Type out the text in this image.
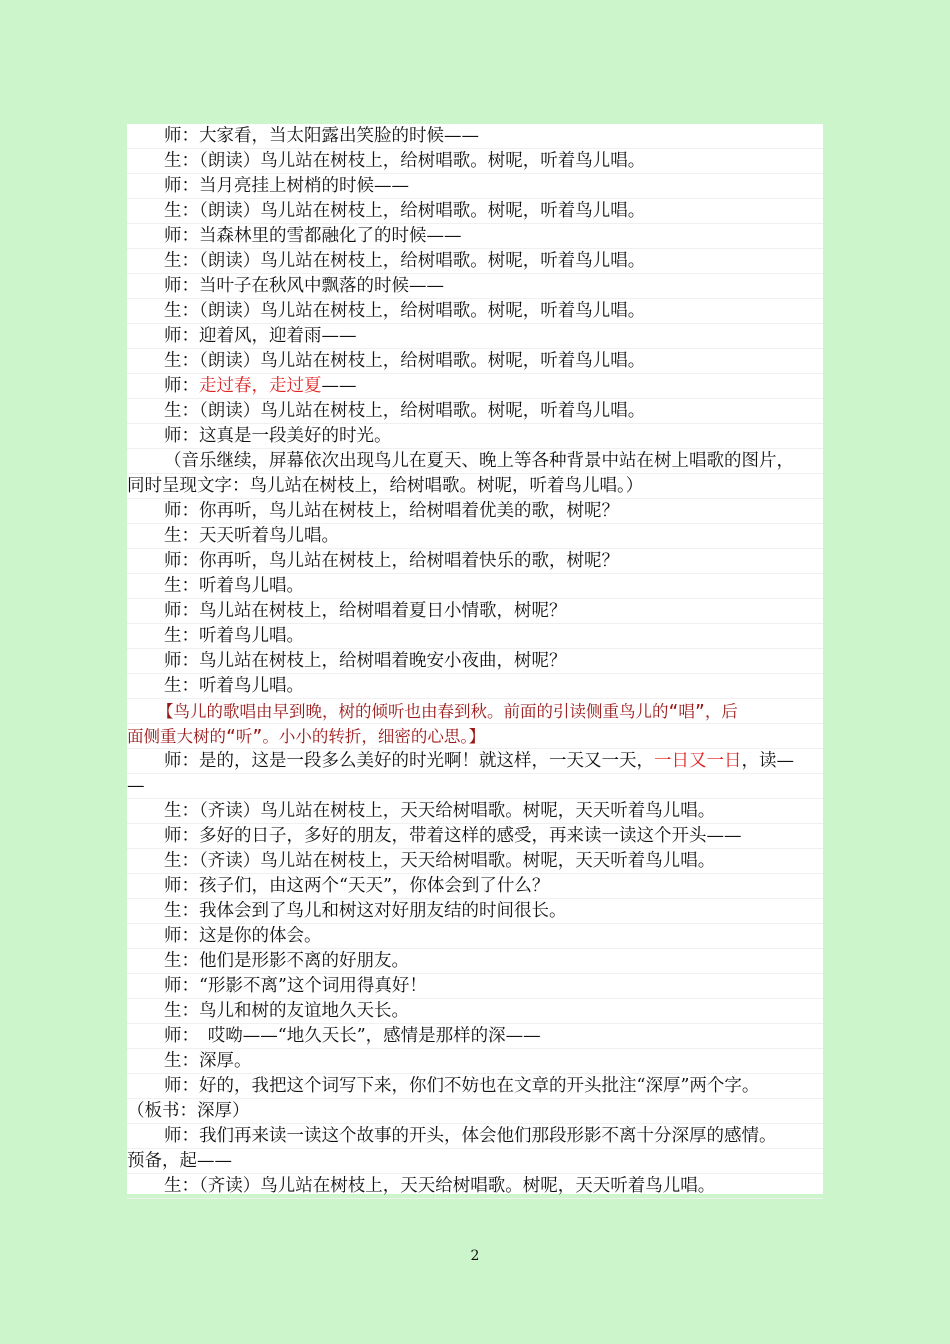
师：大家看，当太阳露出笑脸的时候——
生：（朗读）鸟儿站在树枝上，给树唱歌。树呢，听着鸟儿唱。
师：当月亮挂上树梢的时候——
生：（朗读）鸟儿站在树枝上，给树唱歌。树呢，听着鸟儿唱。
师：当森林里的雪都融化了的时候——
生：（朗读）鸟儿站在树枝上，给树唱歌。树呢，听着鸟儿唱。
师：当叶子在秋风中飘落的时候——
生：（朗读）鸟儿站在树枝上，给树唱歌。树呢，听着鸟儿唱。
师：迎着风，迎着雨——
生：（朗读）鸟儿站在树枝上，给树唱歌。树呢，听着鸟儿唱。
师：走过春，走过夏——
生：（朗读）鸟儿站在树枝上，给树唱歌。树呢，听着鸟儿唱。
师：这真是一段美好的时光。
（音乐继续，屏幕依次出现鸟儿在夏天、晚上等各种背景中站在树上唱歌的图片，
同时呈现文字：鸟儿站在树枝上，给树唱歌。树呢，听着鸟儿唱。）
师：你再听，鸟儿站在树枝上，给树唱着优美的歌，树呢？
生：天天听着鸟儿唱。
师：你再听，鸟儿站在树枝上，给树唱着快乐的歌，树呢？
生：听着鸟儿唱。
师：鸟儿站在树枝上，给树唱着夏日小情歌，树呢？
生：听着鸟儿唱。
师：鸟儿站在树枝上，给树唱着晚安小夜曲，树呢？
生：听着鸟儿唱。
【鸟儿的歌唱由早到晚，树的倾听也由春到秋。前面的引读侧重鸟儿的“唱”，后
面侧重大树的“听”。小小的转折，细密的心思。】
师：是的，这是一段多么美好的时光啊！就这样，一天又一天，一日又一日，读—
—
生：（齐读）鸟儿站在树枝上，天天给树唱歌。树呢，天天听着鸟儿唱。
师：多好的日子，多好的朋友，带着这样的感受，再来读一读这个开头——
生：（齐读）鸟儿站在树枝上，天天给树唱歌。树呢，天天听着鸟儿唱。
师：孩子们，由这两个“天天”，你体会到了什么？
生：我体会到了鸟儿和树这对好朋友结的时间很长。
师：这是你的体会。
生：他们是形影不离的好朋友。
师：“形影不离”这个词用得真好！
生：鸟儿和树的友谊地久天长。
师：　哎呦——“地久天长”，感情是那样的深——
生：深厚。
师：好的，我把这个词写下来，你们不妨也在文章的开头批注“深厚”两个字。
（板书：深厚）
师：我们再来读一读这个故事的开头，体会他们那段形影不离十分深厚的感情。
预备，起——
生：（齐读）鸟儿站在树枝上，天天给树唱歌。树呢，天天听着鸟儿唱。
2
